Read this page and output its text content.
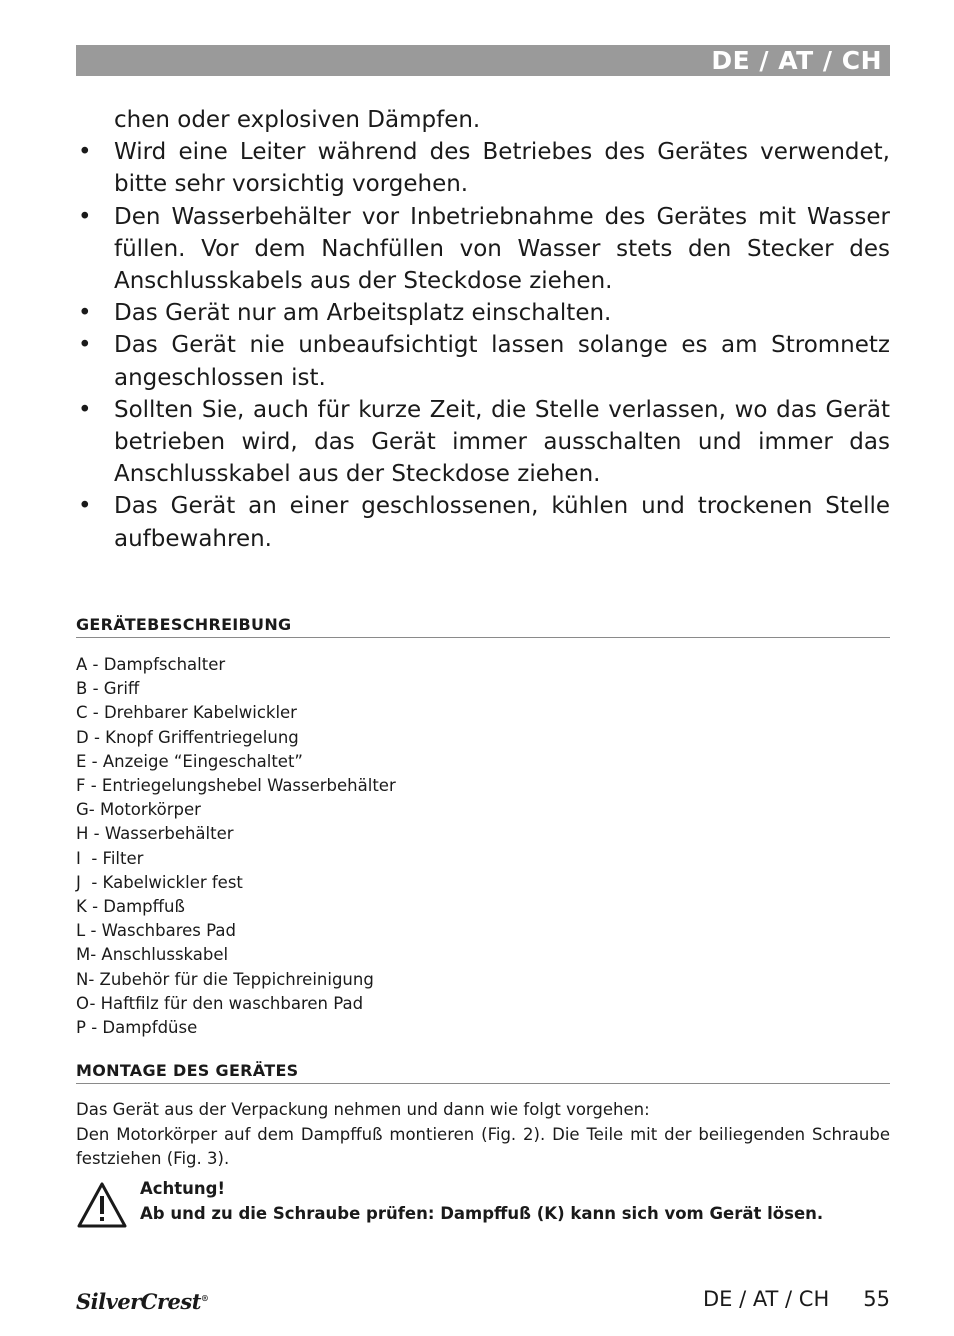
DE / AT / CH
chen oder explosiven Dämpfen.
• Wird eine Leiter während des Betriebes des Gerätes verwendet, bitte sehr vorsichtig vorgehen.
• Den Wasserbehälter vor Inbetriebnahme des Gerätes mit Wasser füllen. Vor dem Nachfüllen von Wasser stets den Stecker des Anschlusskabels aus der Steckdose ziehen.
• Das Gerät nur am Arbeitsplatz einschalten.
• Das Gerät nie unbeaufsichtigt lassen solange es am Stromnetz angeschlossen ist.
• Sollten Sie, auch für kurze Zeit, die Stelle verlassen, wo das Gerät betrieben wird, das Gerät immer ausschalten und immer das Anschlusskabel aus der Steckdose ziehen.
• Das Gerät an einer geschlossenen, kühlen und trockenen Stelle aufbewahren.
GERÄTEBESCHREIBUNG
A - Dampfschalter
B - Griff
C - Drehbarer Kabelwickler
D - Knopf Griffentriegelung
E - Anzeige “Eingeschaltet”
F - Entriegelungshebel Wasserbehälter
G- Motorkörper
H - Wasserbehälter
I  - Filter
J  - Kabelwickler fest
K - Dampffuß
L - Waschbares Pad
M- Anschlusskabel
N- Zubehör für die Teppichreinigung
O- Haftfilz für den waschbaren Pad
P - Dampfdüse
MONTAGE DES GERÄTES
Das Gerät aus der Verpackung nehmen und dann wie folgt vorgehen:
Den Motorkörper auf dem Dampffuß montieren (Fig. 2). Die Teile mit der beiliegenden Schraube festziehen (Fig. 3).
Achtung!
Ab und zu die Schraube prüfen: Dampffuß (K) kann sich vom Gerät lösen.
SilverCrest®	DE / AT / CH 55
